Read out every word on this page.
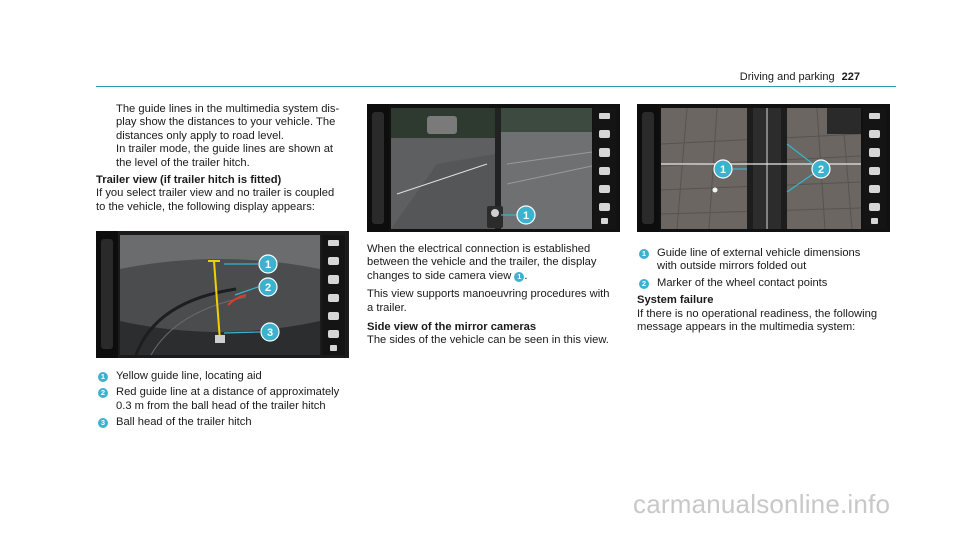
Driving and parking 227
The guide lines in the multimedia system dis-
play show the distances to your vehicle. The
distances only apply to road level.
In trailer mode, the guide lines are shown at
the level of the trailer hitch.
Trailer view (if trailer hitch is fitted)
If you select trailer view and no trailer is coupled
to the vehicle, the following display appears:
1
2
3
1 Yellow guide line, locating aid
2 Red guide line at a distance of approximately
0.3 m from the ball head of the trailer hitch
3 Ball head of the trailer hitch
1
When the electrical connection is established
between the vehicle and the trailer, the display
changes to side camera view 1 .
This view supports manoeuvring procedures with
a trailer.
Side view of the mirror cameras
The sides of the vehicle can be seen in this view.
1	2
1 Guide line of external vehicle dimensions
with outside mirrors folded out
2 Marker of the wheel contact points
System failure
If there is no operational readiness, the following
message appears in the multimedia system:
carmanualsonline.info
